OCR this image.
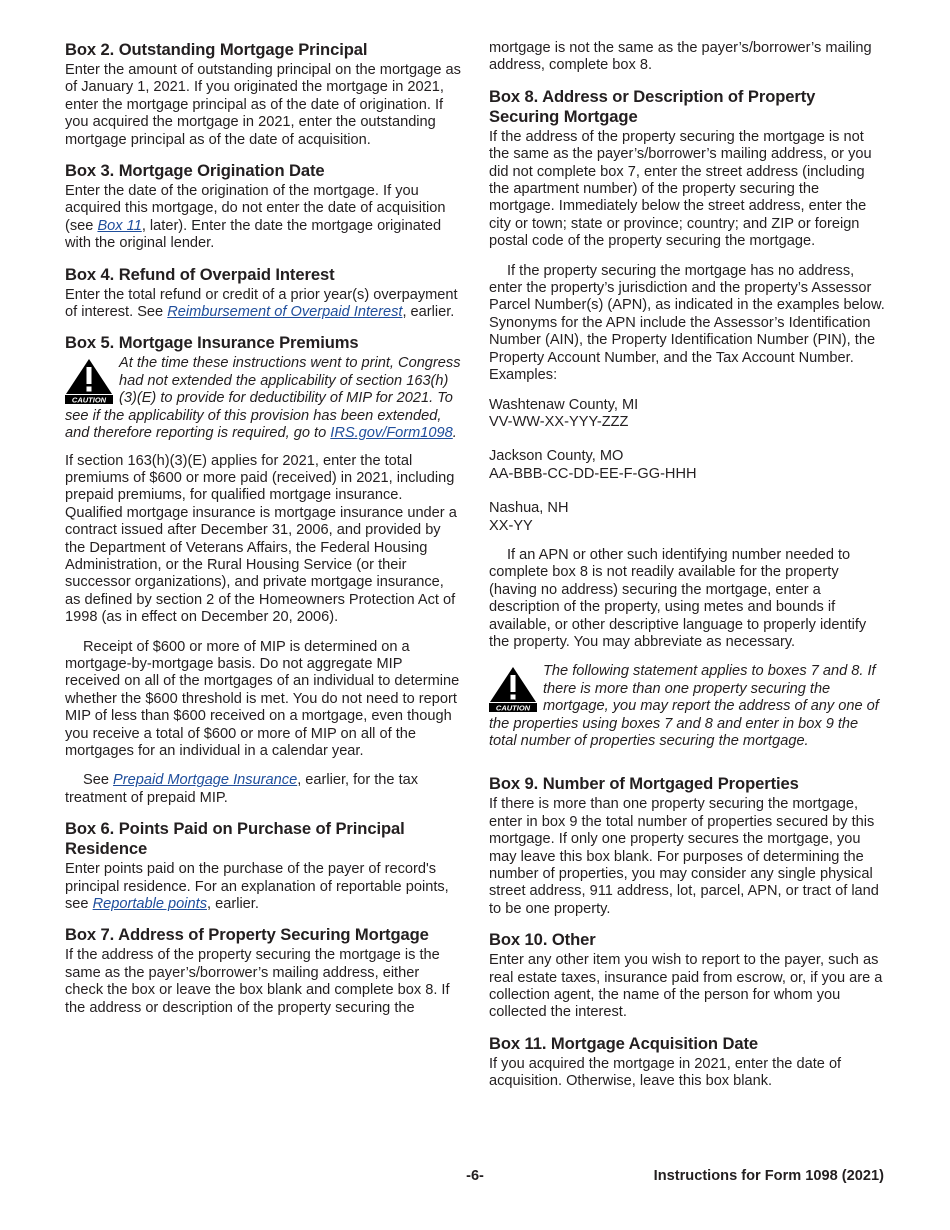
Box 2. Outstanding Mortgage Principal

Enter the amount of outstanding principal on the mortgage as of January 1, 2021. If you originated the mortgage in 2021, enter the mortgage principal as of the date of origination. If you acquired the mortgage in 2021, enter the outstanding mortgage principal as of the date of acquisition.

Box 3. Mortgage Origination Date

Enter the date of the origination of the mortgage. If you acquired this mortgage, do not enter the date of acquisition (see Box 11, later). Enter the date the mortgage originated with the original lender.

Box 4. Refund of Overpaid Interest

Enter the total refund or credit of a prior year(s) overpayment of interest. See Reimbursement of Overpaid Interest, earlier.

Box 5. Mortgage Insurance Premiums
CAUTION
At the time these instructions went to print, Congress had not extended the applicability of section 163(h)(3)(E) to provide for deductibility of MIP for 2021. To see if the applicability of this provision has been extended, and therefore reporting is required, go to IRS.gov/Form1098.

If section 163(h)(3)(E) applies for 2021, enter the total premiums of $600 or more paid (received) in 2021, including prepaid premiums, for qualified mortgage insurance. Qualified mortgage insurance is mortgage insurance under a contract issued after December 31, 2006, and provided by the Department of Veterans Affairs, the Federal Housing Administration, or the Rural Housing Service (or their successor organizations), and private mortgage insurance, as defined by section 2 of the Homeowners Protection Act of 1998 (as in effect on December 20, 2006).

Receipt of $600 or more of MIP is determined on a mortgage-by-mortgage basis. Do not aggregate MIP received on all of the mortgages of an individual to determine whether the $600 threshold is met. You do not need to report MIP of less than $600 received on a mortgage, even though you receive a total of $600 or more of MIP on all of the mortgages for an individual in a calendar year.

See Prepaid Mortgage Insurance, earlier, for the tax treatment of prepaid MIP.

Box 6. Points Paid on Purchase of Principal Residence

Enter points paid on the purchase of the payer of record's principal residence. For an explanation of reportable points, see Reportable points, earlier.

Box 7. Address of Property Securing Mortgage

If the address of the property securing the mortgage is the same as the payer’s/borrower’s mailing address, either check the box or leave the box blank and complete box 8. If the address or description of the property securing the

mortgage is not the same as the payer’s/borrower’s mailing address, complete box 8.

Box 8. Address or Description of Property Securing Mortgage

If the address of the property securing the mortgage is not the same as the payer’s/borrower’s mailing address, or you did not complete box 7, enter the street address (including the apartment number) of the property securing the mortgage. Immediately below the street address, enter the city or town; state or province; country; and ZIP or foreign postal code of the property securing the mortgage.

If the property securing the mortgage has no address, enter the property’s jurisdiction and the property’s Assessor Parcel Number(s) (APN), as indicated in the examples below. Synonyms for the APN include the Assessor’s Identification Number (AIN), the Property Identification Number (PIN), the Property Account Number, and the Tax Account Number. Examples:

Washtenaw County, MI

VV-WW-XX-YYY-ZZZ

Jackson County, MO

AA-BBB-CC-DD-EE-F-GG-HHH

Nashua, NH

XX-YY

If an APN or other such identifying number needed to complete box 8 is not readily available for the property (having no address) securing the mortgage, enter a description of the property, using metes and bounds if available, or other descriptive language to properly identify the property. You may abbreviate as necessary.

CAUTION
The following statement applies to boxes 7 and 8. If there is more than one property securing the mortgage, you may report the address of any one of the properties using boxes 7 and 8 and enter in box 9 the total number of properties securing the mortgage.
Box 9. Number of Mortgaged Properties

If there is more than one property securing the mortgage, enter in box 9 the total number of properties secured by this mortgage. If only one property secures the mortgage, you may leave this box blank. For purposes of determining the number of properties, you may consider any single physical street address, 911 address, lot, parcel, APN, or tract of land to be one property.

Box 10. Other

Enter any other item you wish to report to the payer, such as real estate taxes, insurance paid from escrow, or, if you are a collection agent, the name of the person for whom you collected the interest.

Box 11. Mortgage Acquisition Date

If you acquired the mortgage in 2021, enter the date of acquisition. Otherwise, leave this box blank.

-6-	Instructions for Form 1098 (2021)
